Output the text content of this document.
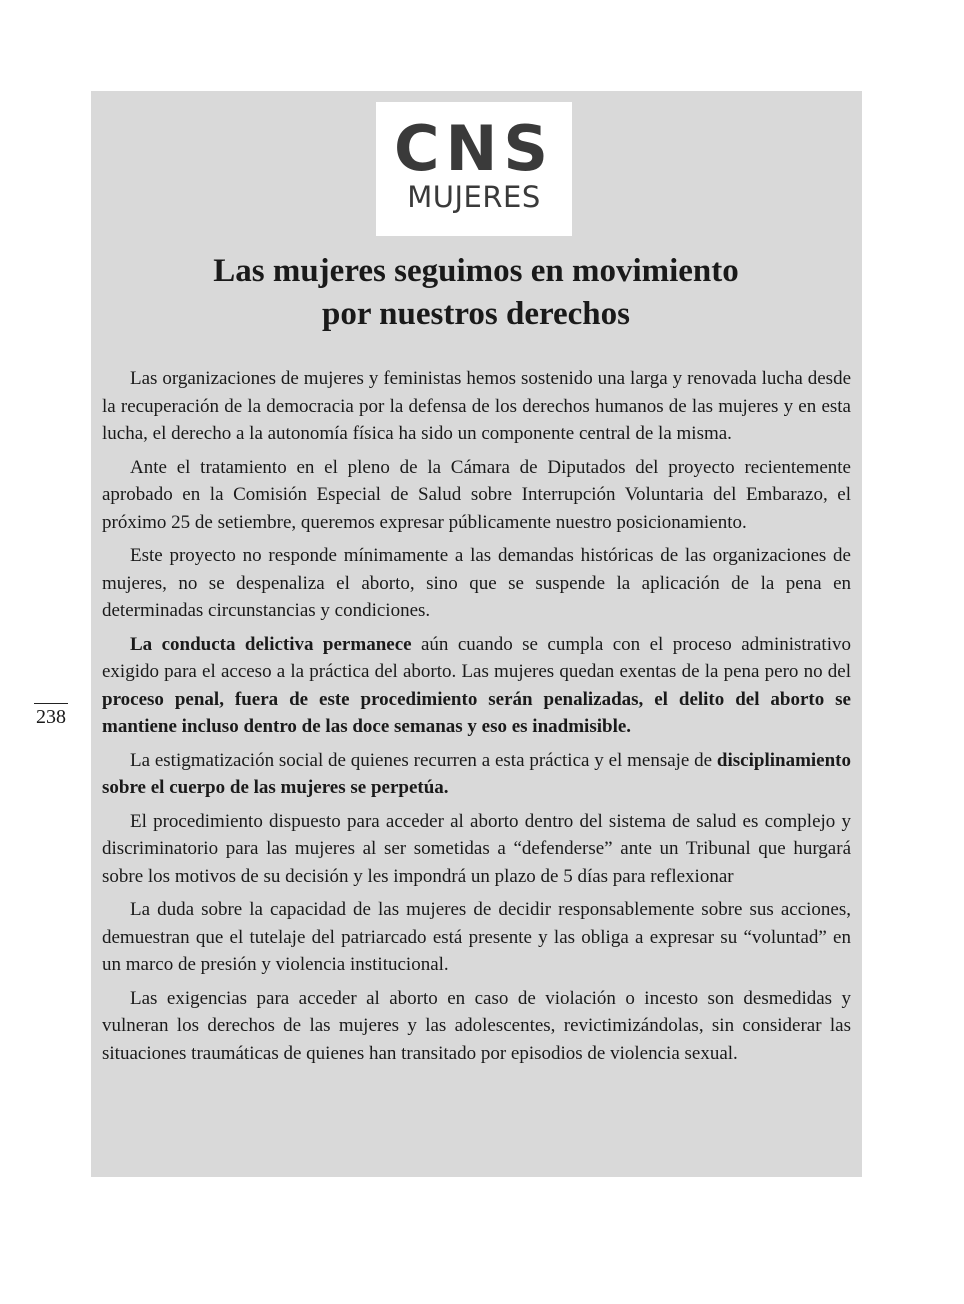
CNS
MUJERES
Las mujeres seguimos en movimiento
por nuestros derechos

Las organizaciones de mujeres y feministas hemos sostenido una larga y renovada lucha desde la recuperación de la democracia por la defensa de los derechos humanos de las mujeres y en esta lucha, el derecho a la autonomía física ha sido un componente central de la misma.

Ante el tratamiento en el pleno de la Cámara de Diputados del proyecto recientemente aprobado en la Comisión Especial de Salud sobre Interrupción Voluntaria del Embarazo, el próximo 25 de setiembre, queremos expresar públicamente nuestro posicionamiento.

Este proyecto no responde mínimamente a las demandas históricas de las organizaciones de mujeres, no se despenaliza el aborto, sino que se suspende la aplicación de la pena en determinadas circunstancias y condiciones.

La conducta delictiva permanece aún cuando se cumpla con el proceso administrativo exigido para el acceso a la práctica del aborto. Las mujeres quedan exentas de la pena pero no del proceso penal, fuera de este procedimiento serán penalizadas, el delito del aborto se mantiene incluso dentro de las doce semanas y eso es inadmisible.

La estigmatización social de quienes recurren a esta práctica y el mensaje de disciplinamiento sobre el cuerpo de las mujeres se perpetúa.

El procedimiento dispuesto para acceder al aborto dentro del sistema de salud es complejo y discriminatorio para las mujeres al ser sometidas a “defenderse” ante un Tribunal que hurgará sobre los motivos de su decisión y les impondrá un plazo de 5 días para reflexionar

La duda sobre la capacidad de las mujeres de decidir responsablemente sobre sus acciones, demuestran que el tutelaje del patriarcado está presente y las obliga a expresar su “voluntad” en un marco de presión y violencia institucional.

Las exigencias para acceder al aborto en caso de violación o incesto son desmedidas y vulneran los derechos de las mujeres y las adolescentes, revictimizándolas, sin considerar las situaciones traumáticas de quienes han transitado por episodios de violencia sexual.

238
